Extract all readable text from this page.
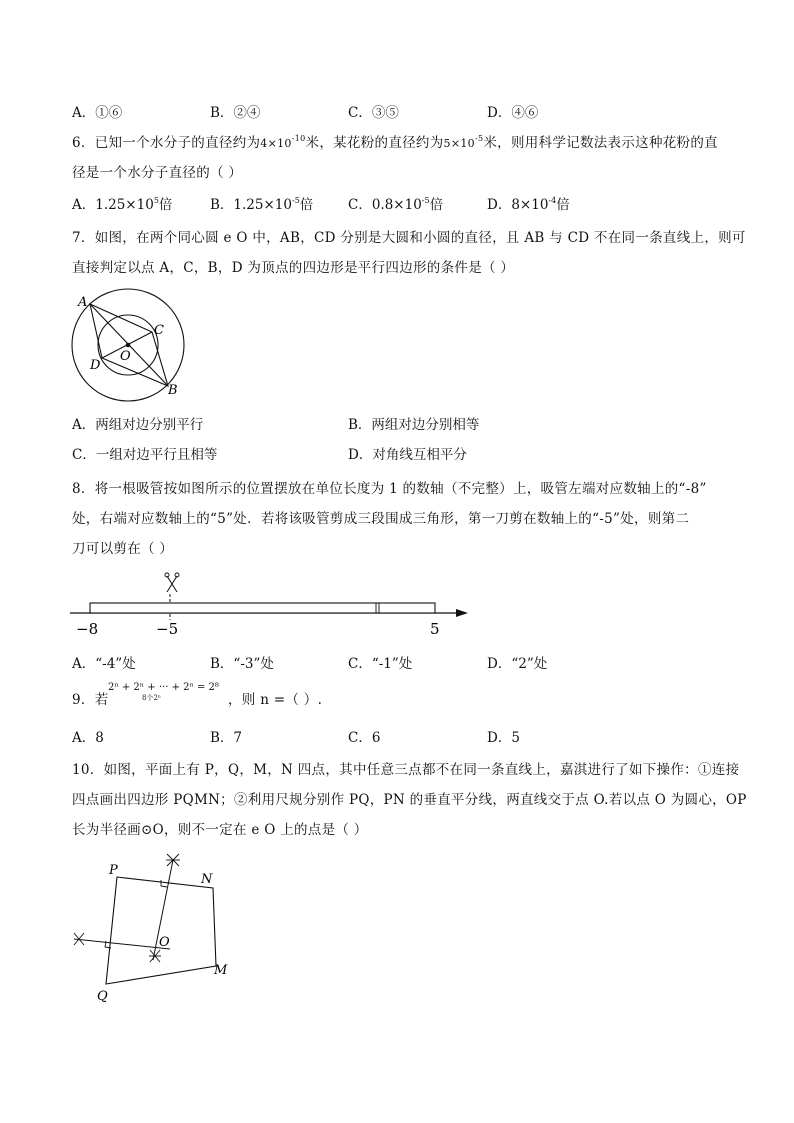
A．①⑥	B．②④	C．③⑤	D．④⑥
6．已知一个水分子的直径约为$4\times 10^{-10}$米，某花粉的直径约为$5\times 10^{-5}$米，则用科学记数法表示这种花粉的直
径是一个水分子直径的（ ）
A．$1.25\times 10^5$倍	B．$1.25\times 10^{-5}$倍	C．$0.8\times 10^{-5}$倍	D．$8\times 10^{-4}$倍
7．如图，在两个同心圆 e O 中，AB，CD 分别是大圆和小圆的直径，且 AB 与 CD 不在同一条直线上，则可
直接判定以点 A，C，B，D 为顶点的四边形是平行四边形的条件是（ ）
A
C
O
D
B
A．两组对边分别平行	B．两组对边分别相等
C．一组对边平行且相等	D．对角线互相平分
8．将一根吸管按如图所示的位置摆放在单位长度为 1 的数轴（不完整）上，吸管左端对应数轴上的“-8”
处，右端对应数轴上的“5”处．若将该吸管剪成三段围成三角形，第一刀剪在数轴上的“-5”处，则第二
刀可以剪在（ ）
−8	−5	5
A．“-4”处	B．“-3”处	C．“-1”处	D．“2”处
9．若
2ⁿ + 2ⁿ + ··· + 2ⁿ = 2⁸
8个2ⁿ	，则 n =（ ）.
A．8	B．7	C．6	D．5
10．如图，平面上有 P，Q，M，N 四点，其中任意三点都不在同一条直线上，嘉淇进行了如下操作：①连接
四点画出四边形 PQMN；②利用尺规分别作 PQ，PN 的垂直平分线，两直线交于点 O.若以点 O 为圆心，OP
长为半径画⊙O，则不一定在 e O 上的点是（ ）
P
N
O
M
Q
